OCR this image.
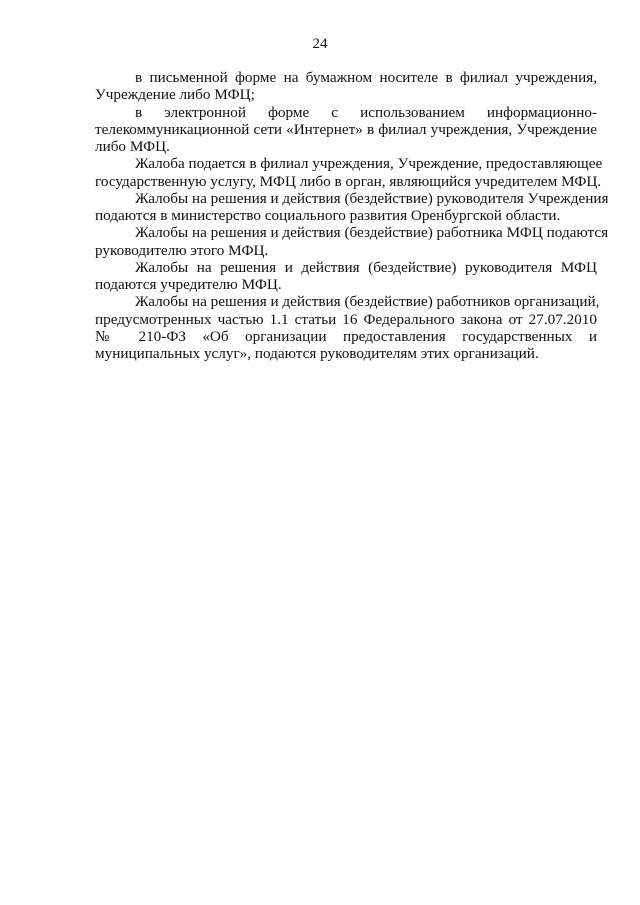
24
в письменной форме на бумажном носителе в филиал учреждения,
Учреждение либо МФЦ;
в электронной форме с использованием информационно-
телекоммуникационной сети «Интернет» в филиал учреждения, Учреждение
либо МФЦ.
Жалоба подается в филиал учреждения, Учреждение, предоставляющее
государственную услугу, МФЦ либо в орган, являющийся учредителем МФЦ.
Жалобы на решения и действия (бездействие) руководителя Учреждения
подаются в министерство социального развития Оренбургской области.
Жалобы на решения и действия (бездействие) работника МФЦ подаются
руководителю этого МФЦ.
Жалобы на решения и действия (бездействие) руководителя МФЦ
подаются учредителю МФЦ.
Жалобы на решения и действия (бездействие) работников организаций,
предусмотренных частью 1.1 статьи 16 Федерального закона от 27.07.2010
№ 210-ФЗ «Об организации предоставления государственных и
муниципальных услуг», подаются руководителям этих организаций.
